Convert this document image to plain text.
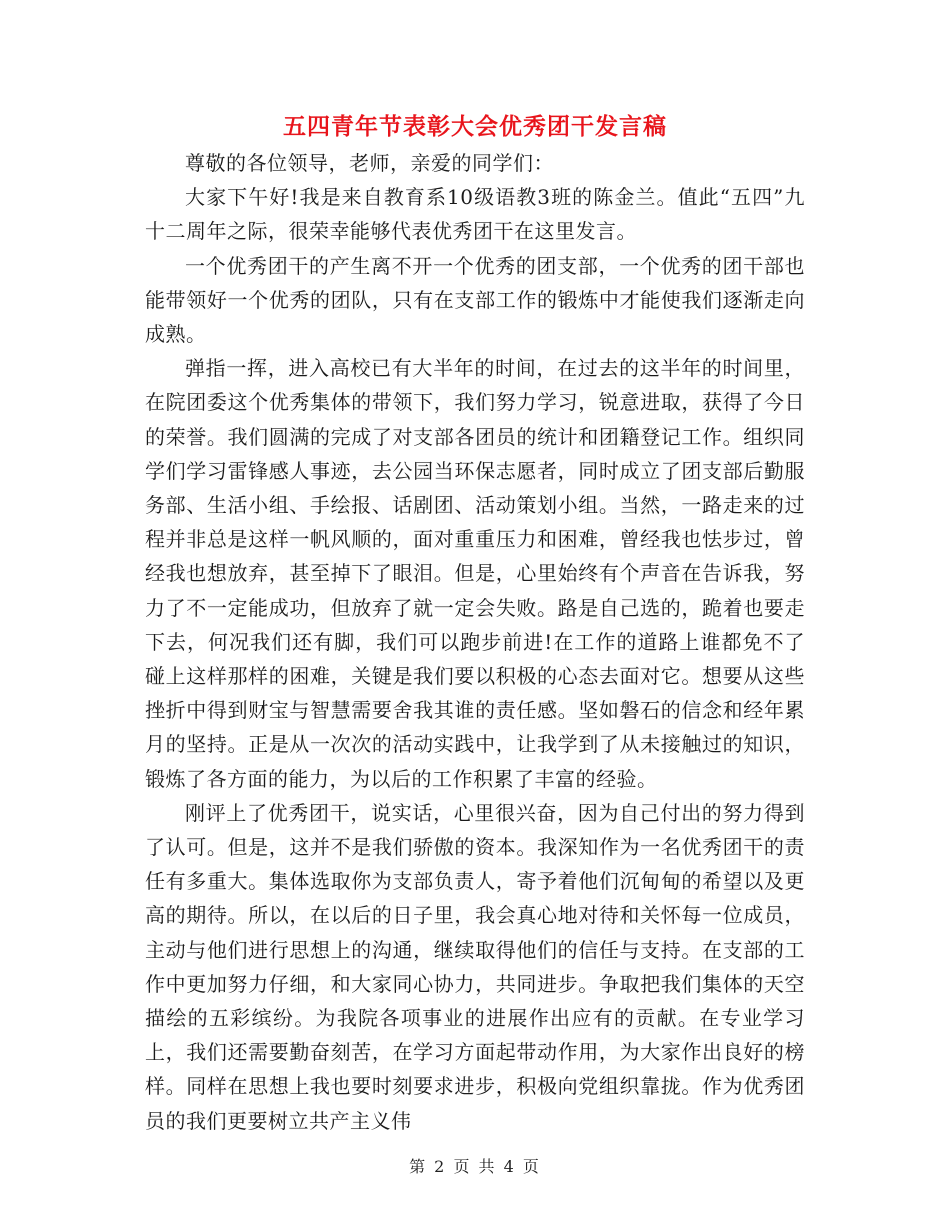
五四青年节表彰大会优秀团干发言稿

尊敬的各位领导，老师，亲爱的同学们：

大家下午好!我是来自教育系10级语教3班的陈金兰。值此“五四”九十二周年之际，很荣幸能够代表优秀团干在这里发言。

一个优秀团干的产生离不开一个优秀的团支部，一个优秀的团干部也能带领好一个优秀的团队，只有在支部工作的锻炼中才能使我们逐渐走向成熟。

弹指一挥，进入高校已有大半年的时间，在过去的这半年的时间里，在院团委这个优秀集体的带领下，我们努力学习，锐意进取，获得了今日的荣誉。我们圆满的完成了对支部各团员的统计和团籍登记工作。组织同学们学习雷锋感人事迹，去公园当环保志愿者，同时成立了团支部后勤服务部、生活小组、手绘报、话剧团、活动策划小组。当然，一路走来的过程并非总是这样一帆风顺的，面对重重压力和困难，曾经我也怯步过，曾经我也想放弃，甚至掉下了眼泪。但是，心里始终有个声音在告诉我，努力了不一定能成功，但放弃了就一定会失败。路是自己选的，跪着也要走下去，何况我们还有脚，我们可以跑步前进!在工作的道路上谁都免不了碰上这样那样的困难，关键是我们要以积极的心态去面对它。想要从这些挫折中得到财宝与智慧需要舍我其谁的责任感。坚如磐石的信念和经年累月的坚持。正是从一次次的活动实践中，让我学到了从未接触过的知识，锻炼了各方面的能力，为以后的工作积累了丰富的经验。

刚评上了优秀团干，说实话，心里很兴奋，因为自己付出的努力得到了认可。但是，这并不是我们骄傲的资本。我深知作为一名优秀团干的责任有多重大。集体选取你为支部负责人，寄予着他们沉甸甸的希望以及更高的期待。所以，在以后的日子里，我会真心地对待和关怀每一位成员，主动与他们进行思想上的沟通，继续取得他们的信任与支持。在支部的工作中更加努力仔细，和大家同心协力，共同进步。争取把我们集体的天空描绘的五彩缤纷。为我院各项事业的进展作出应有的贡献。在专业学习上，我们还需要勤奋刻苦，在学习方面起带动作用，为大家作出良好的榜样。同样在思想上我也要时刻要求进步，积极向党组织靠拢。作为优秀团员的我们更要树立共产主义伟

第 2 页 共 4 页
